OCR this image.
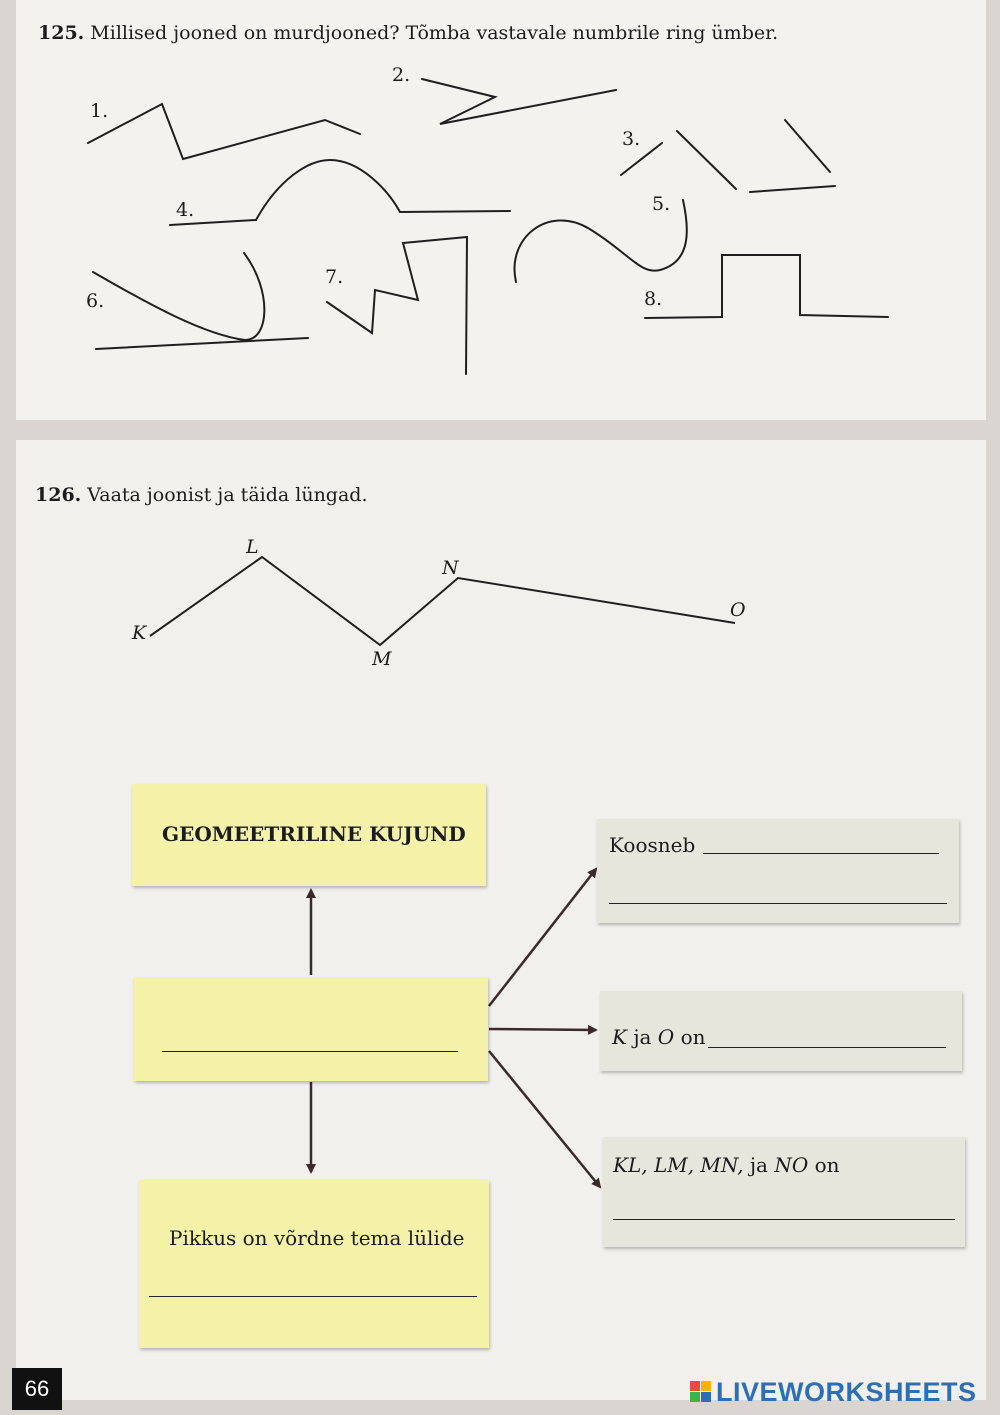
125. Millised jooned on murdjooned? Tõmba vastavale numbrile ring ümber.
1.
2.
3.
4.	5.
6.
7.
8.
126. Vaata joonist ja täida lüngad.
K
L
M
N
O
GEOMEETRILINE KUJUND
Pikkus on võrdne tema lülide
Koosneb
K ja O on
KL, LM, MN, ja NO on
66	LIVEWORKSHEETS
